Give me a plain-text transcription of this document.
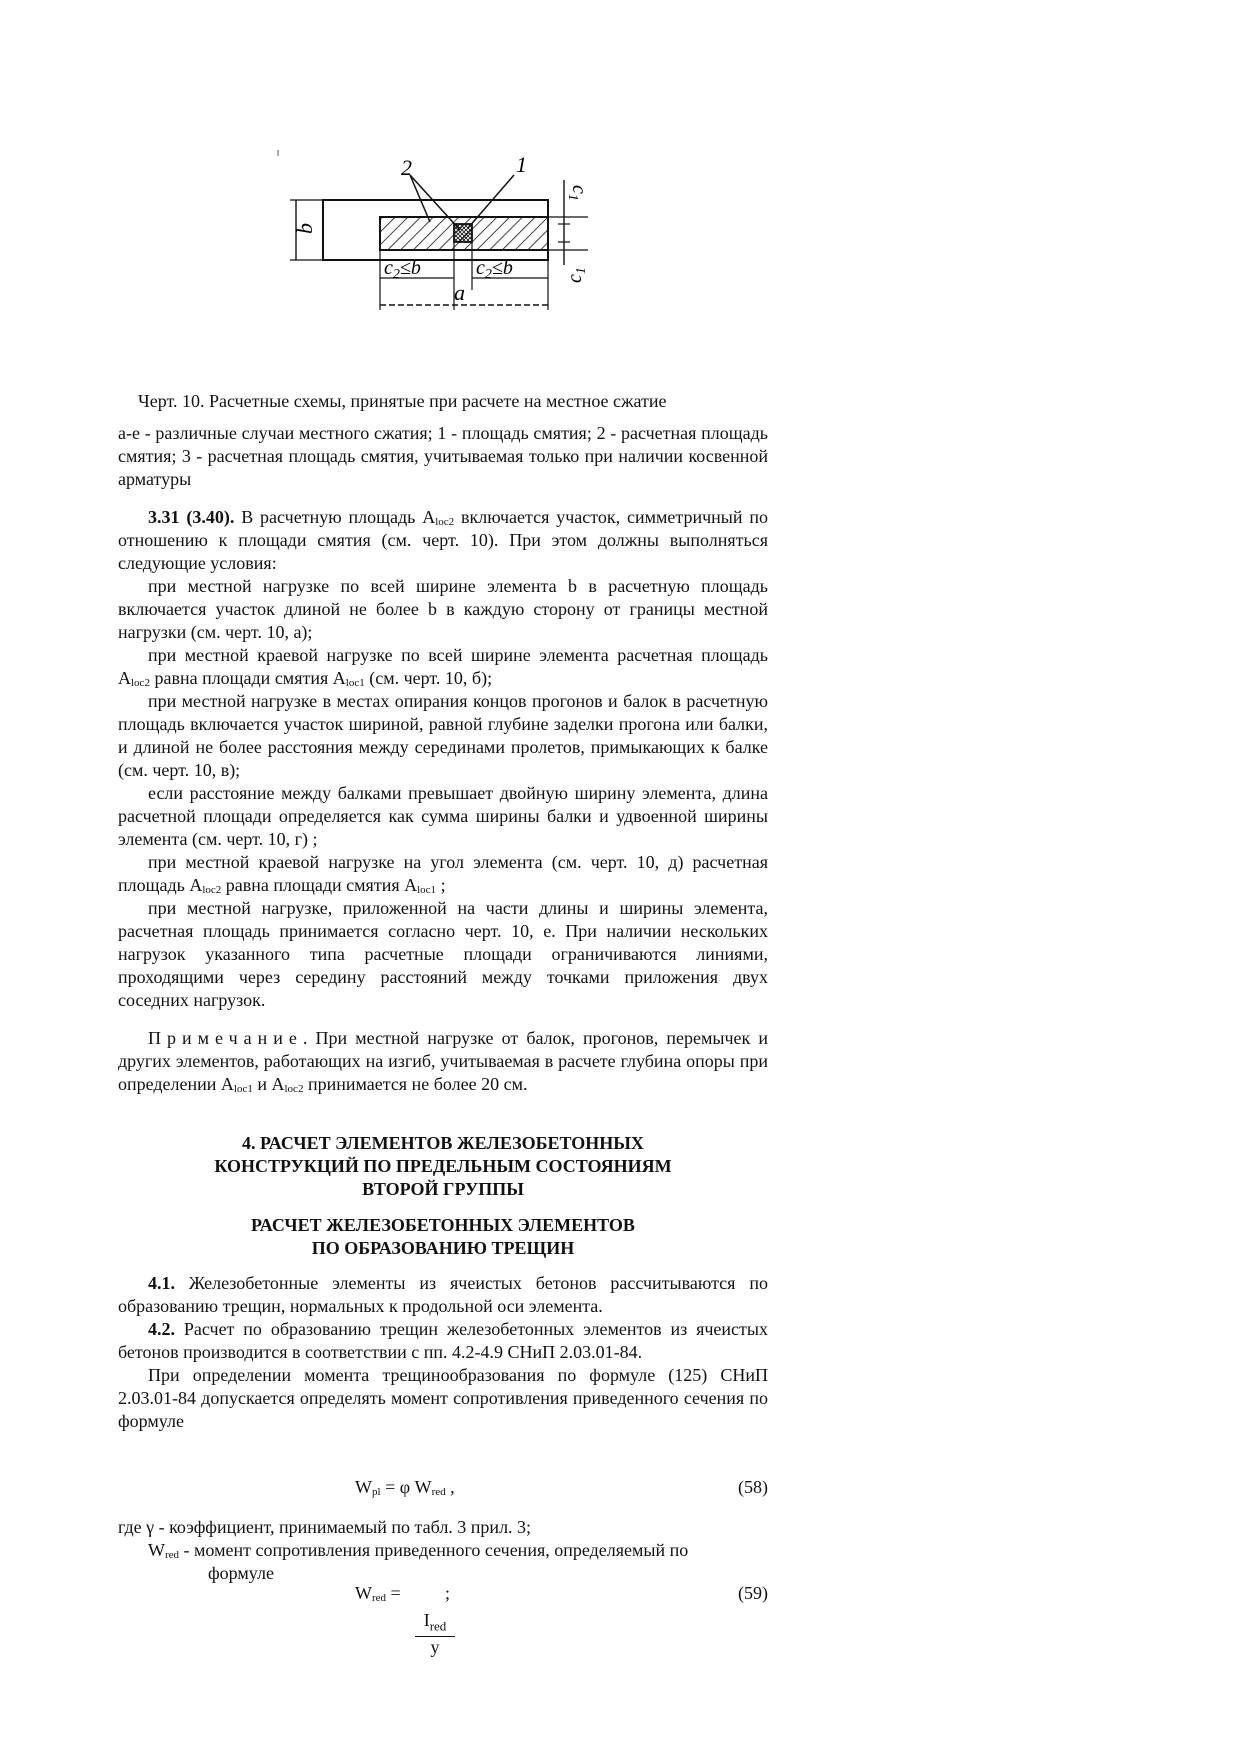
2	1
b
$c_1$
$c_1$
$c_2\le b$	$c_2\le b$
a
Черт. 10. Расчетные схемы, принятые при расчете на местное сжатие

а-е - различные случаи местного сжатия; 1 - площадь смятия; 2 - расчетная площадь смятия; 3 - расчетная площадь смятия, учитываемая только при наличии косвенной арматуры

3.31 (3.40). В расчетную площадь $A_{loc2}$ включается участок, симметричный по отношению к площади смятия (см. черт. 10). При этом должны выполняться следующие условия:

при местной нагрузке по всей ширине элемента b в расчетную площадь включается участок длиной не более b в каждую сторону от границы местной нагрузки (см. черт. 10, а);

при местной краевой нагрузке по всей ширине элемента расчетная площадь $A_{loc2}$ равна площади смятия $A_{loc1}$ (см. черт. 10, б);

при местной нагрузке в местах опирания концов прогонов и балок в расчетную площадь включается участок шириной, равной глубине заделки прогона или балки, и длиной не более расстояния между серединами пролетов, примыкающих к балке (см. черт. 10, в);

если расстояние между балками превышает двойную ширину элемента, длина расчетной площади определяется как сумма ширины балки и удвоенной ширины элемента (см. черт. 10, г) ;

при местной краевой нагрузке на угол элемента (см. черт. 10, д) расчетная площадь $A_{loc2}$ равна площади смятия $A_{loc1}$ ;

при местной нагрузке, приложенной на части длины и ширины элемента, расчетная площадь принимается согласно черт. 10, е. При наличии нескольких нагрузок указанного типа расчетные площади ограничиваются линиями, проходящими через середину расстояний между точками приложения двух соседних нагрузок.

Примечание. При местной нагрузке от балок, прогонов, перемычек и других элементов, работающих на изгиб, учитываемая в расчете глубина опоры при определении $A_{loc1}$ и $A_{loc2}$ принимается не более 20 см.

4. РАСЧЕТ ЭЛЕМЕНТОВ ЖЕЛЕЗОБЕТОННЫХ
КОНСТРУКЦИЙ ПО ПРЕДЕЛЬНЫМ СОСТОЯНИЯМ
ВТОРОЙ ГРУППЫ
РАСЧЕТ ЖЕЛЕЗОБЕТОННЫХ ЭЛЕМЕНТОВ
ПО ОБРАЗОВАНИЮ ТРЕЩИН

4.1. Железобетонные элементы из ячеистых бетонов рассчитываются по образованию трещин, нормальных к продольной оси элемента.

4.2. Расчет по образованию трещин железобетонных элементов из ячеистых бетонов производится в соответствии с пп. 4.2-4.9 СНиП 2.03.01-84.

При определении момента трещинообразования по формуле (125) СНиП 2.03.01-84 допускается определять момент сопротивления приведенного сечения по формуле

$W_{pl} = \varphi$ $W_{red}$ ,	(58)

где γ - коэффициент, принимаемый по табл. 3 прил. 3;

$W_{red}$ - момент сопротивления приведенного сечения, определяемый по

формуле

$W_{red}$ = ;	(59)
$I_{red}$
y
